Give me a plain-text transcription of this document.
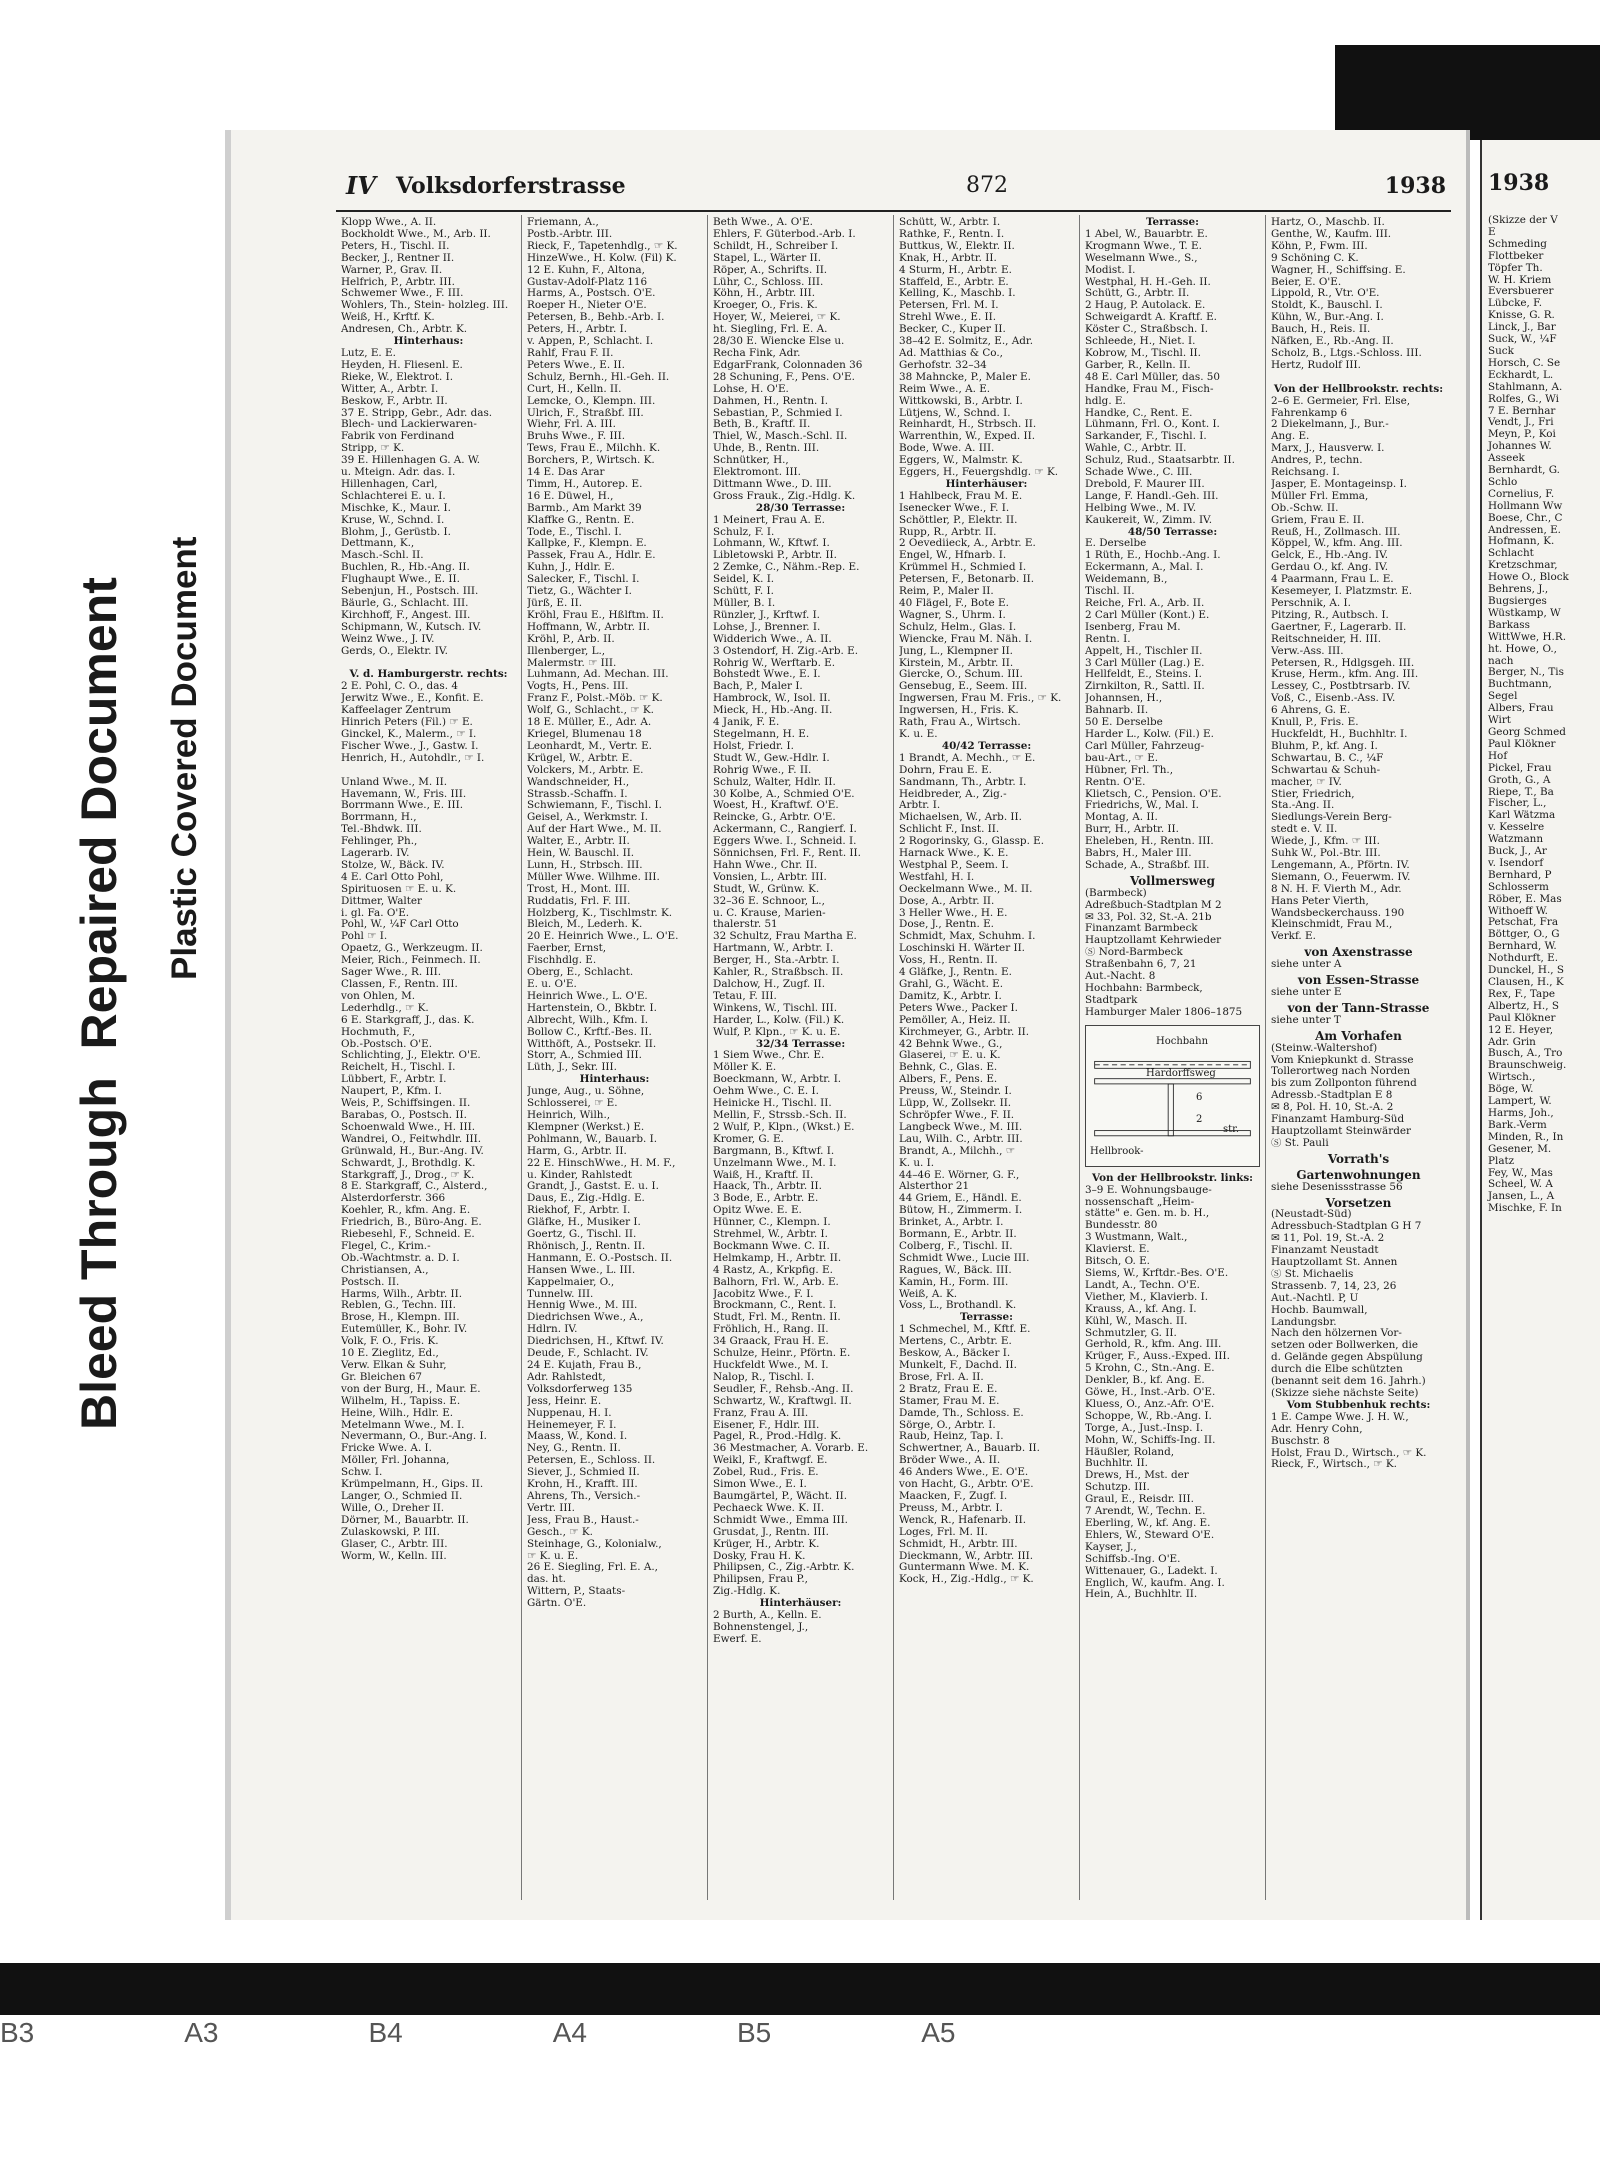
Bleed Through  Repaired Document Plastic Covered Document
IV Volksdorferstrasse	872	1938
Klopp Wwe., A. II.
Bockholdt Wwe., M., Arb. II.
Peters, H., Tischl. II.
Becker, J., Rentner II.
Warner, P., Grav. II.
Helfrich, P., Arbtr. III.
Schwemer Wwe., F. III.
Wohlers, Th., Stein- holzleg. III.
Weiß, H., Krftf. K.
Andresen, Ch., Arbtr. K.
Hinterhaus:
Lutz, E. E.
Heyden, H. Fliesenl. E.
Rieke, W., Elektrot. I.
Witter, A., Arbtr. I.
Beskow, F., Arbtr. II.
37 E. Stripp, Gebr., Adr. das.
Blech- und Lackierwaren-
Fabrik von Ferdinand
Stripp, ☞ K.
39 E. Hillenhagen G. A. W.
u. Mteign. Adr. das. I.
Hillenhagen, Carl,
Schlachterei E. u. I.
Mischke, K., Maur. I.
Kruse, W., Schnd. I.
Blohm, J., Gerüstb. I.
Dettmann, K.,
Masch.-Schl. II.
Buchlen, R., Hb.-Ang. II.
Flughaupt Wwe., E. II.
Sebenjun, H., Postsch. III.
Bäurle, G., Schlacht. III.
Kirchhoff, F., Angest. III.
Schipmann, W., Kutsch. IV.
Weinz Wwe., J. IV.
Gerds, O., Elektr. IV.

V. d. Hamburgerstr. rechts:
2 E. Pohl, C. O., das. 4
Jerwitz Wwe., E., Konfit. E.
Kaffeelager Zentrum
Hinrich Peters (Fil.) ☞ E.
Ginckel, K., Malerm., ☞ I.
Fischer Wwe., J., Gastw. I.
Henrich, H., Autohdlr., ☞ I.

Unland Wwe., M. II.
Havemann, W., Fris. III.
Borrmann Wwe., E. III.
Borrmann, H.,
Tel.-Bhdwk. III.
Fehlinger, Ph.,
Lagerarb. IV.
Stolze, W., Bäck. IV.
4 E. Carl Otto Pohl,
Spirituosen ☞ E. u. K.
Dittmer, Walter
i. gl. Fa. O'E.
Pohl, W., ¼F Carl Otto
Pohl ☞ I.
Opaetz, G., Werkzeugm. II.
Meier, Rich., Feinmech. II.
Sager Wwe., R. III.
Classen, F., Rentn. III.
von Ohlen, M.
Lederhdlg., ☞ K.
6 E. Starkgraff, J., das. K.
Hochmuth, F.,
Ob.-Postsch. O'E.
Schlichting, J., Elektr. O'E.
Reichelt, H., Tischl. I.
Lübbert, F., Arbtr. I.
Naupert, P., Kfm. I.
Weis, P., Schiffsingen. II.
Barabas, O., Postsch. II.
Schoenwald Wwe., H. III.
Wandrei, O., Feitwhdlr. III.
Grünwald, H., Bur.-Ang. IV.
Schwardt, J., Brothdlg. K.
Starkgraff, J., Drog., ☞ K.
8 E. Starkgraff, C., Alsterd.,
Alsterdorferstr. 366
Koehler, R., kfm. Ang. E.
Friedrich, B., Büro-Ang. E.
Riebesehl, F., Schneid. E.
Flegel, C., Krim.-
Ob.-Wachtmstr. a. D. I.
Christiansen, A.,
Postsch. II.
Harms, Wilh., Arbtr. II.
Reblen, G., Techn. III.
Brose, H., Klempn. III.
Eutemüller, K., Bohr. IV.
Volk, F. O., Fris. K.
10 E. Zieglitz, Ed.,
Verw. Elkan & Suhr,
Gr. Bleichen 67
von der Burg, H., Maur. E.
Wilhelm, H., Tapiss. E.
Heine, Wilh., Hdlr. E.
Metelmann Wwe., M. I.
Nevermann, O., Bur.-Ang. I.
Fricke Wwe. A. I.
Möller, Frl. Johanna,
Schw. I.
Krümpelmann, H., Gips. II.
Langer, O., Schmied II.
Wille, O., Dreher II.
Dörner, M., Bauarbtr. II.
Zulaskowski, P. III.
Glaser, C., Arbtr. III.
Worm, W., Kelln. III.
Friemann, A.,
Postb.-Arbtr. III.
Rieck, F., Tapetenhdlg., ☞ K.
HinzeWwe., H. Kolw. (Fil) K.
12 E. Kuhn, F., Altona,
Gustav-Adolf-Platz 116
Harms, A., Postsch. O'E.
Roeper H., Nieter O'E.
Petersen, B., Behb.-Arb. I.
Peters, H., Arbtr. I.
v. Appen, P., Schlacht. I.
Rahlf, Frau F. II.
Peters Wwe., E. II.
Schulz, Bernh., Hl.-Geh. II.
Curt, H., Kelln. II.
Lemcke, O., Klempn. III.
Ulrich, F., Straßbf. III.
Wiehr, Frl. A. III.
Bruhs Wwe., F. III.
Tews, Frau E., Milchh. K.
Borchers, P., Wirtsch. K.
14 E. Das Ärar
Timm, H., Autorep. E.
16 E. Düwel, H.,
Barmb., Am Markt 39
Klaffke G., Rentn. E.
Tode, E., Tischl. I.
Kallpke, F., Klempn. E.
Passek, Frau A., Hdlr. E.
Kuhn, J., Hdlr. E.
Salecker, F., Tischl. I.
Tietz, G., Wächter I.
Jürß, E. II.
Kröhl, Frau E., Hßlftm. II.
Hoffmann, W., Arbtr. II.
Kröhl, P., Arb. II.
Illenberger, L.,
Malermstr. ☞ III.
Luhmann, Ad. Mechan. III.
Vogts, H., Pens. III.
Franz F., Polst.-Möb. ☞ K.
Wolf, G., Schlacht., ☞ K.
18 E. Müller, E., Adr. A.
Kriegel, Blumenau 18
Leonhardt, M., Vertr. E.
Krügel, W., Arbtr. E.
Volckers, M., Arbtr. E.
Wandschneider, H.,
Strassb.-Schaffn. I.
Schwiemann, F., Tischl. I.
Geisel, A., Werkmstr. I.
Auf der Hart Wwe., M. II.
Walter, E., Arbtr. II.
Hein, W. Bauschl. II.
Lunn, H., Strbsch. III.
Müller Wwe. Wilhme. III.
Trost, H., Mont. III.
Ruddatis, Frl. F. III.
Holzberg, K., Tischlmstr. K.
Bleich, M., Lederh. K.
20 E. Heinrich Wwe., L. O'E.
Faerber, Ernst,
Fischhdlg. E.
Oberg, E., Schlacht.
E. u. O'E.
Heinrich Wwe., L. O'E.
Hartenstein, O., Bkbtr. I.
Albrecht, Wilh., Kfm. I.
Bollow C., Krftf.-Bes. II.
Witthöft, A., Postsekr. II.
Storr, A., Schmied III.
Lüth, J., Sekr. III.
Hinterhaus:
Junge, Aug., u. Söhne,
Schlosserei, ☞ E.
Heinrich, Wilh.,
Klempner (Werkst.) E.
Pohlmann, W., Bauarb. I.
Harm, G., Arbtr. II.
22 E. HinschWwe., H. M. F.,
u. Kinder, Rahlstedt
Grandt, J., Gastst. E. u. I.
Daus, E., Zig.-Hdlg. E.
Riekhof, F., Arbtr. I.
Gläfke, H., Musiker I.
Goertz, G., Tischl. II.
Rhönisch, J., Rentn. II.
Hanmann, E. O.-Postsch. II.
Hansen Wwe., L. III.
Kappelmaier, O.,
Tunnelw. III.
Hennig Wwe., M. III.
Diedrichsen Wwe., A.,
Hdlrn. IV.
Diedrichsen, H., Kftwf. IV.
Deude, F., Schlacht. IV.
24 E. Kujath, Frau B.,
Adr. Rahlstedt,
Volksdorferweg 135
Jess, Heinr. E.
Nuppenau, H. I.
Heinemeyer, F. I.
Maass, W., Kond. I.
Ney, G., Rentn. II.
Petersen, E., Schloss. II.
Siever, J., Schmied II.
Krohn, H., Krafft. III.
Ahrens, Th., Versich.-
Vertr. III.
Jess, Frau B., Haust.-
Gesch., ☞ K.
Steinhage, G., Kolonialw.,
☞ K. u. E.
26 E. Siegling, Frl. E. A.,
das. ht.
Wittern, P., Staats-
Gärtn. O'E.
Beth Wwe., A. O'E.
Ehlers, F. Güterbod.-Arb. I.
Schildt, H., Schreiber I.
Stapel, L., Wärter II.
Röper, A., Schrifts. II.
Lühr, C., Schloss. III.
Köhn, H., Arbtr. III.
Kroeger, O., Fris. K.
Hoyer, W., Meierei, ☞ K.
ht. Siegling, Frl. E. A.
28/30 E. Wiencke Else u.
Recha Fink, Adr.
EdgarFrank, Colonnaden 36
28 Schuning, F., Pens. O'E.
Lohse, H. O'E.
Dahmen, H., Rentn. I.
Sebastian, P., Schmied I.
Beth, B., Kraftf. II.
Thiel, W., Masch.-Schl. II.
Uhde, B., Rentn. III.
Schnütker, H.,
Elektromont. III.
Dittmann Wwe., D. III.
Gross Frauk., Zig.-Hdlg. K.
28/30 Terrasse:
1 Meinert, Frau A. E.
Schulz, F. I.
Lohmann, W., Kftwf. I.
Libletowski P., Arbtr. II.
2 Zemke, C., Nähm.-Rep. E.
Seidel, K. I.
Schütt, F. I.
Müller, B. I.
Rünzler, J., Krftwf. I.
Lohse, J., Brenner. I.
Widderich Wwe., A. II.
3 Ostendorf, H. Zig.-Arb. E.
Rohrig W., Werftarb. E.
Bohstedt Wwe., E. I.
Bach, P., Maler I.
Hambrock, W., Isol. II.
Mieck, H., Hb.-Ang. II.
4 Janik, F. E.
Stegelmann, H. E.
Holst, Friedr. I.
Studt W., Gew.-Hdlr. I.
Rohrig Wwe., F. II.
Schulz, Walter, Hdlr. II.
30 Kolbe, A., Schmied O'E.
Woest, H., Kraftwf. O'E.
Reincke, G., Arbtr. O'E.
Ackermann, C., Rangierf. I.
Eggers Wwe. I., Schneid. I.
Sönnichsen, Frl. F., Rent. II.
Hahn Wwe., Chr. II.
Vonsien, L., Arbtr. III.
Studt, W., Grünw. K.
32–36 E. Schnoor, L.,
u. C. Krause, Marien-
thalerstr. 51
32 Schultz, Frau Martha E.
Hartmann, W., Arbtr. I.
Berger, H., Sta.-Arbtr. I.
Kahler, R., Straßbsch. II.
Dalchow, H., Zugf. II.
Tetau, F. III.
Winkens, W., Tischl. III.
Harder, L., Kolw. (Fil.) K.
Wulf, P. Klpn., ☞ K. u. E.
32/34 Terrasse:
1 Siem Wwe., Chr. E.
Möller K. E.
Boeckmann, W., Arbtr. I.
Oehm Wwe., C. E. I.
Heinicke H., Tischl. II.
Mellin, F., Strssb.-Sch. II.
2 Wulf, P., Klpn., (Wkst.) E.
Kromer, G. E.
Bargmann, B., Kftwf. I.
Unzelmann Wwe., M. I.
Waiß, H., Kraftf. II.
Haack, Th., Arbtr. II.
3 Bode, E., Arbtr. E.
Opitz Wwe. E. E.
Hünner, C., Klempn. I.
Strehmel, W., Arbtr. I.
Bockmann Wwe. C. II.
Helmkamp, H., Arbtr. II.
4 Rastz, A., Krkpfig. E.
Balhorn, Frl. W., Arb. E.
Jacobitz Wwe., F. I.
Brockmann, C., Rent. I.
Studt, Frl. M., Rentn. II.
Fröhlich, H., Rang. II.
34 Graack, Frau H. E.
Schulze, Heinr., Pförtn. E.
Huckfeldt Wwe., M. I.
Nalop, R., Tischl. I.
Seudler, F., Rehsb.-Ang. II.
Schwartz, W., Kraftwgl. II.
Franz, Frau A. III.
Eisener, F., Hdlr. III.
Pagel, R., Prod.-Hdlg. K.
36 Mestmacher, A. Vorarb. E.
Weikl, F., Kraftwgf. E.
Zobel, Rud., Fris. E.
Simon Wwe., E. I.
Baumgärtel, P., Wächt. II.
Pechaeck Wwe. K. II.
Schmidt Wwe., Emma III.
Grusdat, J., Rentn. III.
Krüger, H., Arbtr. K.
Dosky, Frau H. K.
Philipsen, C., Zig.-Arbtr. K.
Philipsen, Frau P.,
Zig.-Hdlg. K.
Hinterhäuser:
2 Burth, A., Kelln. E.
Bohnenstengel, J.,
Ewerf. E.
Schütt, W., Arbtr. I.
Rathke, F., Rentn. I.
Buttkus, W., Elektr. II.
Knak, H., Arbtr. II.
4 Sturm, H., Arbtr. E.
Staffeld, E., Arbtr. E.
Kelling, K., Maschb. I.
Petersen, Frl. M. I.
Strehl Wwe., E. II.
Becker, C., Kuper II.
38–42 E. Solmitz, E., Adr.
Ad. Matthias & Co.,
Gerhofstr. 32–34
38 Mahncke, P., Maler E.
Reim Wwe., A. E.
Wittkowski, B., Arbtr. I.
Lütjens, W., Schnd. I.
Reinhardt, H., Strbsch. II.
Warrenthin, W., Exped. II.
Bode, Wwe. A. III.
Eggers, W., Malmstr. K.
Eggers, H., Feuergshdlg. ☞ K.
Hinterhäuser:
1 Hahlbeck, Frau M. E.
Isenecker Wwe., F. I.
Schöttler, P., Elektr. II.
Rupp, R., Arbtr. II.
2 Oevediieck, A., Arbtr. E.
Engel, W., Hfnarb. I.
Krümmel H., Schmied I.
Petersen, F., Betonarb. II.
Reim, P., Maler II.
40 Flägel, F., Bote E.
Wagner, S., Uhrm. I.
Schulz, Helm., Glas. I.
Wiencke, Frau M. Näh. I.
Jung, L., Klempner II.
Kirstein, M., Arbtr. II.
Giercke, O., Schum. III.
Gensebug, E., Seem. III.
Ingwersen, Frau M. Fris., ☞ K.
Ingwersen, H., Fris. K.
Rath, Frau A., Wirtsch.
K. u. E.
40/42 Terrasse:
1 Brandt, A. Mechh., ☞ E.
Dohrn, Frau E. E.
Sandmann, Th., Arbtr. I.
Heidbreder, A., Zig.-
Arbtr. I.
Michaelsen, W., Arb. II.
Schlicht F., Inst. II.
2 Rogorinsky, G., Glassp. E.
Harnack Wwe., K. E.
Westphal P., Seem. I.
Westfahl, H. I.
Oeckelmann Wwe., M. II.
Dose, A., Arbtr. II.
3 Heller Wwe., H. E.
Dose, J., Rentn. E.
Schmidt, Max, Schuhm. I.
Loschinski H. Wärter II.
Voss, H., Rentn. II.
4 Gläfke, J., Rentn. E.
Grahl, G., Wächt. E.
Damitz, K., Arbtr. I.
Peters Wwe., Packer I.
Pemöller, A., Heiz. II.
Kirchmeyer, G., Arbtr. II.
42 Behnk Wwe., G.,
Glaserei, ☞ E. u. K.
Behnk, C., Glas. E.
Albers, F., Pens. E.
Preuss, W., Steindr. I.
Lüpp, W., Zollsekr. II.
Schröpfer Wwe., F. II.
Langbeck Wwe., M. III.
Lau, Wilh. C., Arbtr. III.
Brandt, A., Milchh., ☞
K. u. I.
44–46 E. Wörner, G. F.,
Alsterthor 21
44 Griem, E., Händl. E.
Bütow, H., Zimmerm. I.
Brinket, A., Arbtr. I.
Bormann, E., Arbtr. II.
Colberg, F., Tischl. II.
Schmidt Wwe., Lucie III.
Ragues, W., Bäck. III.
Kamin, H., Form. III.
Weiß, A. K.
Voss, L., Brothandl. K.
Terrasse:
1 Schmechel, M., Kftf. E.
Mertens, C., Arbtr. E.
Beskow, A., Bäcker I.
Munkelt, F., Dachd. II.
Brose, Frl. A. II.
2 Bratz, Frau E. E.
Stamer, Frau M. E.
Damde, Th., Schloss. E.
Sörge, O., Arbtr. I.
Raub, Heinz, Tap. I.
Schwertner, A., Bauarb. II.
Bröder Wwe., A. II.
46 Anders Wwe., E. O'E.
von Hacht, G., Arbtr. O'E.
Maacken, F., Zugf. I.
Preuss, M., Arbtr. I.
Wenck, R., Hafenarb. II.
Loges, Frl. M. II.
Schmidt, H., Arbtr. III.
Dieckmann, W., Arbtr. III.
Guntermann Wwe. M. K.
Kock, H., Zig.-Hdlg., ☞ K.
Terrasse:
1 Abel, W., Bauarbtr. E.
Krogmann Wwe., T. E.
Weselmann Wwe., S.,
Modist. I.
Westphal, H. H.-Geh. II.
Schütt, G., Arbtr. II.
2 Haug, P. Autolack. E.
Schweigardt A. Kraftf. E.
Köster C., Straßbsch. I.
Schleede, H., Niet. I.
Kobrow, M., Tischl. II.
Garber, R., Kelln. II.
48 E. Carl Müller, das. 50
Handke, Frau M., Fisch-
hdlg. E.
Handke, C., Rent. E.
Lühmann, Frl. O., Kont. I.
Sarkander, F., Tischl. I.
Wahle, C., Arbtr. II.
Schulz, Rud., Staatsarbtr. II.
Schade Wwe., C. III.
Drebold, F. Maurer III.
Lange, F. Handl.-Geh. III.
Helbing Wwe., M. IV.
Kaukereit, W., Zimm. IV.
48/50 Terrasse:
E. Derselbe
1 Rüth, E., Hochb.-Ang. I.
Eckermann, A., Mal. I.
Weidemann, B.,
Tischl. II.
Reiche, Frl. A., Arb. II.
2 Carl Müller (Kont.) E.
Isenberg, Frau M.
Rentn. I.
Appelt, H., Tischler II.
3 Carl Müller (Lag.) E.
Hellfeldt, E., Steins. I.
Zirnkilton, R., Sattl. II.
Johannsen, H.,
Bahnarb. II.
50 E. Derselbe
Harder L., Kolw. (Fil.) E.
Carl Müller, Fahrzeug-
bau-Art., ☞ E.
Hübner, Frl. Th.,
Rentn. O'E.
Klietsch, C., Pension. O'E.
Friedrichs, W., Mal. I.
Montag, A. II.
Burr, H., Arbtr. II.
Eheleben, H., Rentn. III.
Babrs, H., Maler III.
Schade, A., Straßbf. III.
Vollmersweg
(Barmbeck)
Adreßbuch-Stadtplan M 2
✉ 33, Pol. 32, St.-A. 21b
Finanzamt Barmbeck
Hauptzollamt Kehrwieder
Ⓢ Nord-Barmbeck
Straßenbahn 6, 7, 21
Aut.-Nacht. 8
Hochbahn: Barmbeck,
Stadtpark
Hamburger Maler 1806–1875
Hochbahn
Hardorffsweg
Hellbrook-
str.
6
2
Von der Hellbrookstr. links:
3–9 E. Wohnungsbauge-
nossenschaft „Heim-
stätte" e. Gen. m. b. H.,
Bundesstr. 80
3 Wustmann, Walt.,
Klavierst. E.
Bitsch, O. E.
Siems, W., Krftdr.-Bes. O'E.
Landt, A., Techn. O'E.
Viether, M., Klavierb. I.
Krauss, A., kf. Ang. I.
Kühl, W., Masch. II.
Schmutzler, G. II.
Gerhold, R., kfm. Ang. III.
Krüger, F., Auss.-Exped. III.
5 Krohn, C., Stn.-Ang. E.
Denkler, B., kf. Ang. E.
Göwe, H., Inst.-Arb. O'E.
Kluess, O., Anz.-Afr. O'E.
Schoppe, W., Rb.-Ang. I.
Torge, A., Just.-Insp. I.
Mohn, W., Schiffs-Ing. II.
Häußler, Roland,
Buchhltr. II.
Drews, H., Mst. der
Schutzp. III.
Graul, E., Reisdr. III.
7 Arendt, W., Techn. E.
Eberling, W., kf. Ang. E.
Ehlers, W., Steward O'E.
Kayser, J.,
Schiffsb.-Ing. O'E.
Wittenauer, G., Ladekt. I.
Englich, W., kaufm. Ang. I.
Hein, A., Buchhltr. II.
Hartz, O., Maschb. II.
Genthe, W., Kaufm. III.
Köhn, P., Fwm. III.
9 Schöning C. K.
Wagner, H., Schiffsing. E.
Beier, E. O'E.
Lippold, R., Vtr. O'E.
Stoldt, K., Bauschl. I.
Kühn, W., Bur.-Ang. I.
Bauch, H., Reis. II.
Näfken, E., Rb.-Ang. II.
Scholz, B., Ltgs.-Schloss. III.
Hertz, Rudolf III.

Von der Hellbrookstr. rechts:
2–6 E. Germeier, Frl. Else,
Fahrenkamp 6
2 Diekelmann, J., Bur.-
Ang. E.
Marx, J., Hausverw. I.
Andres, P., techn.
Reichsang. I.
Jasper, E. Montageinsp. I.
Müller Frl. Emma,
Ob.-Schw. II.
Griem, Frau E. II.
Reuß, H., Zollmasch. III.
Köppel, W., kfm. Ang. III.
Gelck, E., Hb.-Ang. IV.
Gerdau O., kf. Ang. IV.
4 Paarmann, Frau L. E.
Kesemeyer, I. Platzmstr. E.
Perschnik, A. I.
Pitzing, R., Autbsch. I.
Gaertner, F., Lagerarb. II.
Reitschneider, H. III.
Verw.-Ass. III.
Petersen, R., Hdlgsgeh. III.
Kruse, Herm., kfm. Ang. III.
Lessey, C., Postbtrsarb. IV.
Voß, C., Eisenb.-Ass. IV.
6 Ahrens, G. E.
Knull, P., Fris. E.
Huckfeldt, H., Buchhltr. I.
Bluhm, P., kf. Ang. I.
Schwartau, B. C., ¼F
Schwartau & Schuh-
macher, ☞ IV.
Stier, Friedrich,
Sta.-Ang. II.
Siedlungs-Verein Berg-
stedt e. V. II.
Wiede, J., Kfm. ☞ III.
Suhk W., Pol.-Btr. III.
Lengemann, A., Pförtn. IV.
Siemann, O., Feuerwm. IV.
8 N. H. F. Vierth M., Adr.
Hans Peter Vierth,
Wandsbeckerchauss. 190
Kleinschmidt, Frau M.,
Verkf. E.
von Axenstrasse
siehe unter A
von Essen-Strasse
siehe unter E
von der Tann-Strasse
siehe unter T
Am Vorhafen
(Steinw.-Waltershof)
Vom Kniepkunkt d. Strasse
Tollerortweg nach Norden
bis zum Zollponton führend
Adressb.-Stadtplan E 8
✉ 8, Pol. H. 10, St.-A. 2
Finanzamt Hamburg-Süd
Hauptzollamt Steinwärder
Ⓢ St. Pauli
Vorrath's
Gartenwohnungen
siehe Desenissstrasse 56
Vorsetzen
(Neustadt-Süd)
Adressbuch-Stadtplan G H 7
✉ 11, Pol. 19, St.-A. 2
Finanzamt Neustadt
Hauptzollamt St. Annen
Ⓢ St. Michaelis
Strassenb. 7, 14, 23, 26
Aut.-Nachtl. P, U
Hochb. Baumwall,
Landungsbr.
Nach den hölzernen Vor-
setzen oder Bollwerken, die
d. Gelände gegen Abspülung
durch die Elbe schützten
(benannt seit dem 16. Jahrh.)
(Skizze siehe nächste Seite)
Vom Stubbenhuk rechts:
1 E. Campe Wwe. J. H. W.,
Adr. Henry Cohn,
Buschstr. 8
Holst, Frau D., Wirtsch., ☞ K.
Rieck, F., Wirtsch., ☞ K.
1938
(Skizze der V
E
Schmeding
Flottbeker
Töpfer Th.
W. H. Kriem
Eversbuerer
Lübcke, F.
Knisse, G. R.
Linck, J., Bar
Suck, W., ¼F
Suck
Horsch, C. Se
Eckhardt, L.
Stahlmann, A.
Rolfes, G., Wi
7 E. Bernhar
Vendt, J., Fri
Meyn, P., Koi
Johannes W.
Asseek
Bernhardt, G.
Schlo
Cornelius, F.
Hollmann Ww
Boese, Chr., C
Andressen, E.
Hofmann, K.
Schlacht
Kretzschmar,
Howe O., Block
Behrens, J.,
Bugsierges
Wüstkamp, W
Barkass
WittWwe, H.R.
ht. Howe, O.,
nach
Berger, N., Tis
Buchtmann,
Segel
Albers, Frau
Wirt
Georg Schmed
Paul Klökner
Hof
Pickel, Frau
Groth, G., A
Riepe, T., Ba
Fischer, L.,
Karl Wätzma
v. Kesselre
Watzmann
Buck, J., Ar
v. Isendorf
Bernhard, P
Schlosserm
Röber, E. Mas
Withoeff W.
Petschat, Fra
Böttger, O., G
Bernhard, W.
Nothdurft, E.
Dunckel, H., S
Clausen, H., K
Rex, F., Tape
Albertz, H., S
Paul Klökner
12 E. Heyer,
Adr. Grin
Busch, A., Tro
Braunschweig.
Wirtsch.,
Böge, W.
Lampert, W.
Harms, Joh.,
Bark.-Verm
Minden, R., In
Gesener, M.
Platz
Fey, W., Mas
Scheel, W. A
Jansen, L., A
Mischke, F. In
B3	A3	B4	A4	B5	A5
